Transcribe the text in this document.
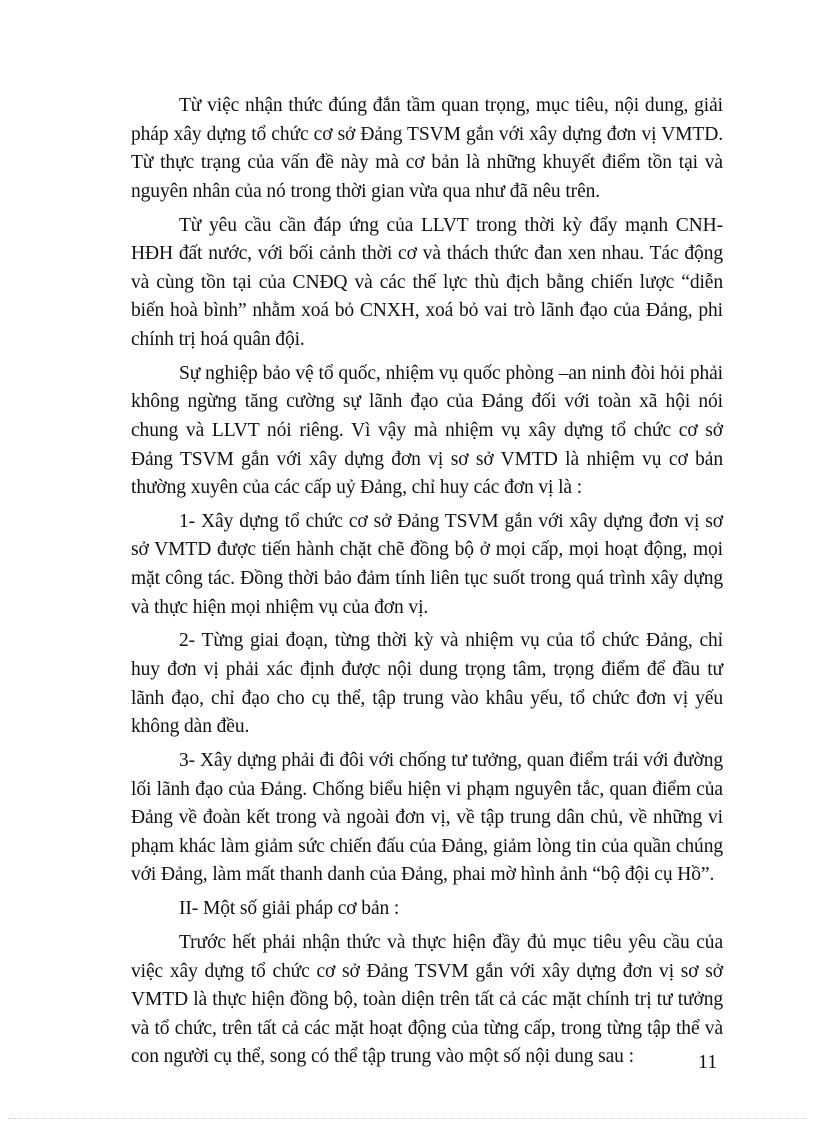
Từ việc nhận thức đúng đắn tầm quan trọng, mục tiêu, nội dung, giải pháp xây dựng tổ chức cơ sở Đảng TSVM gắn với xây dựng đơn vị VMTD. Từ thực trạng của vấn đề này mà cơ bản là những khuyết điểm tồn tại và nguyên nhân của nó trong thời gian vừa qua như đã nêu trên.

Từ yêu cầu cần đáp ứng của LLVT trong thời kỳ đẩy mạnh CNH-HĐH đất nước, với bối cảnh thời cơ và thách thức đan xen nhau. Tác động và cùng tồn tại của CNĐQ và các thế lực thù địch bằng chiến lược “diễn biến hoà bình” nhằm xoá bỏ CNXH, xoá bỏ vai trò lãnh đạo của Đảng, phi chính trị hoá quân đội.

Sự nghiệp bảo vệ tổ quốc, nhiệm vụ quốc phòng –an ninh đòi hỏi phải không ngừng tăng cường sự lãnh đạo của Đảng đối với toàn xã hội nói chung và LLVT nói riêng. Vì vậy mà nhiệm vụ xây dựng tổ chức cơ sở Đảng TSVM gắn với xây dựng đơn vị sơ sở VMTD là nhiệm vụ cơ bản thường xuyên của các cấp uỷ Đảng, chỉ huy các đơn vị là :

1- Xây dựng tổ chức cơ sở Đảng TSVM gắn với xây dựng đơn vị sơ sở VMTD được tiến hành chặt chẽ đồng bộ ở mọi cấp, mọi hoạt động, mọi mặt công tác. Đồng thời bảo đảm tính liên tục suốt trong quá trình xây dựng và thực hiện mọi nhiệm vụ của đơn vị.

2- Từng giai đoạn, từng thời kỳ và nhiệm vụ của tổ chức Đảng, chỉ huy đơn vị phải xác định được nội dung trọng tâm, trọng điểm để đầu tư lãnh đạo, chỉ đạo cho cụ thể, tập trung vào khâu yếu, tổ chức đơn vị yếu không dàn đều.

3- Xây dựng phải đi đôi với chống tư tưởng, quan điểm trái với đường lối lãnh đạo của Đảng. Chống biểu hiện vi phạm nguyên tắc, quan điểm của Đảng về đoàn kết trong và ngoài đơn vị, về tập trung dân chủ, về những vi phạm khác làm giảm sức chiến đấu của Đảng, giảm lòng tin của quần chúng với Đảng, làm mất thanh danh của Đảng, phai mờ hình ảnh “bộ đội cụ Hồ”.

II- Một số giải pháp cơ bản :

Trước hết phải nhận thức và thực hiện đầy đủ mục tiêu yêu cầu của việc xây dựng tổ chức cơ sở Đảng TSVM gắn với xây dựng đơn vị sơ sở VMTD là thực hiện đồng bộ, toàn diện trên tất cả các mặt chính trị tư tưởng và tổ chức, trên tất cả các mặt hoạt động của từng cấp, trong từng tập thể và con người cụ thể, song có thể tập trung vào một số nội dung sau :	11
